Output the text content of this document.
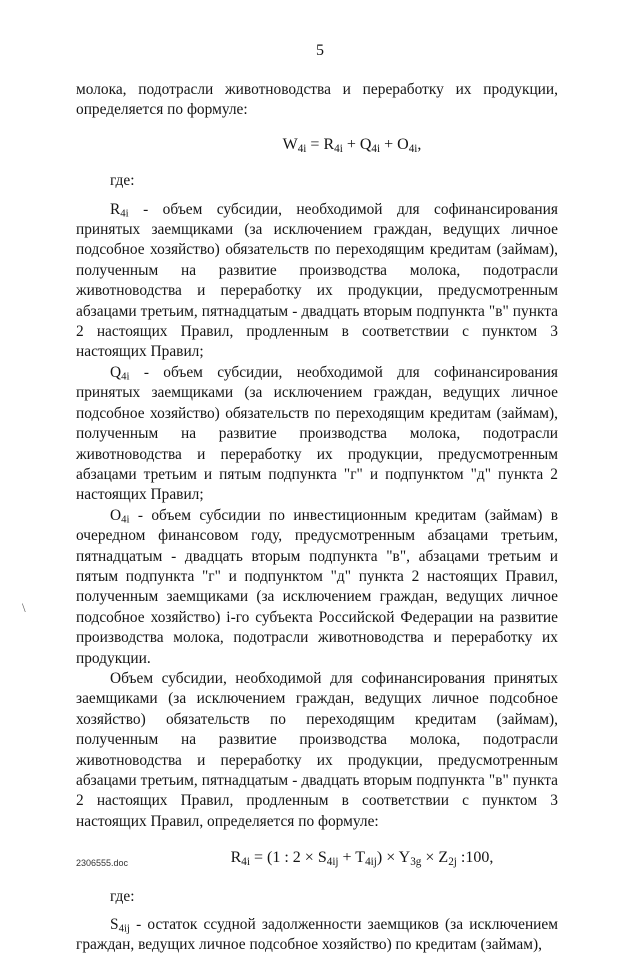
5
\

молока, подотрасли животноводства и переработку их продукции, определяется по формуле:

$W_{4i} = R_{4i} + Q_{4i} + O_{4i}$,

где:

$R_{4i}$ - объем субсидии, необходимой для софинансирования принятых заемщиками (за исключением граждан, ведущих личное подсобное хозяйство) обязательств по переходящим кредитам (займам), полученным на развитие производства молока, подотрасли животноводства и переработку их продукции, предусмотренным абзацами третьим, пятнадцатым - двадцать вторым подпункта "в" пункта 2 настоящих Правил, продленным в соответствии с пунктом 3 настоящих Правил;

$Q_{4i}$ - объем субсидии, необходимой для софинансирования принятых заемщиками (за исключением граждан, ведущих личное подсобное хозяйство) обязательств по переходящим кредитам (займам), полученным на развитие производства молока, подотрасли животноводства и переработку их продукции, предусмотренным абзацами третьим и пятым подпункта "г" и подпунктом "д" пункта 2 настоящих Правил;

$O_{4i}$ - объем субсидии по инвестиционным кредитам (займам) в очередном финансовом году, предусмотренным абзацами третьим, пятнадцатым - двадцать вторым подпункта "в", абзацами третьим и пятым подпункта "г" и подпунктом "д" пункта 2 настоящих Правил, полученным заемщиками (за исключением граждан, ведущих личное подсобное хозяйство) i-го субъекта Российской Федерации на развитие производства молока, подотрасли животноводства и переработку их продукции.

Объем субсидии, необходимой для софинансирования принятых заемщиками (за исключением граждан, ведущих личное подсобное хозяйство) обязательств по переходящим кредитам (займам), полученным на развитие производства молока, подотрасли животноводства и переработку их продукции, предусмотренным абзацами третьим, пятнадцатым - двадцать вторым подпункта "в" пункта 2 настоящих Правил, продленным в соответствии с пунктом 3 настоящих Правил, определяется по формуле:

$R_{4i} = (1$ : $2 \times S_{4ij} + T_{4ij}) \times Y_{3g} \times Z_{2j}$ :100,

где:

$S_{4ij}$ - остаток ссудной задолженности заемщиков (за исключением граждан, ведущих личное подсобное хозяйство) по кредитам (займам),

2306555.doc
